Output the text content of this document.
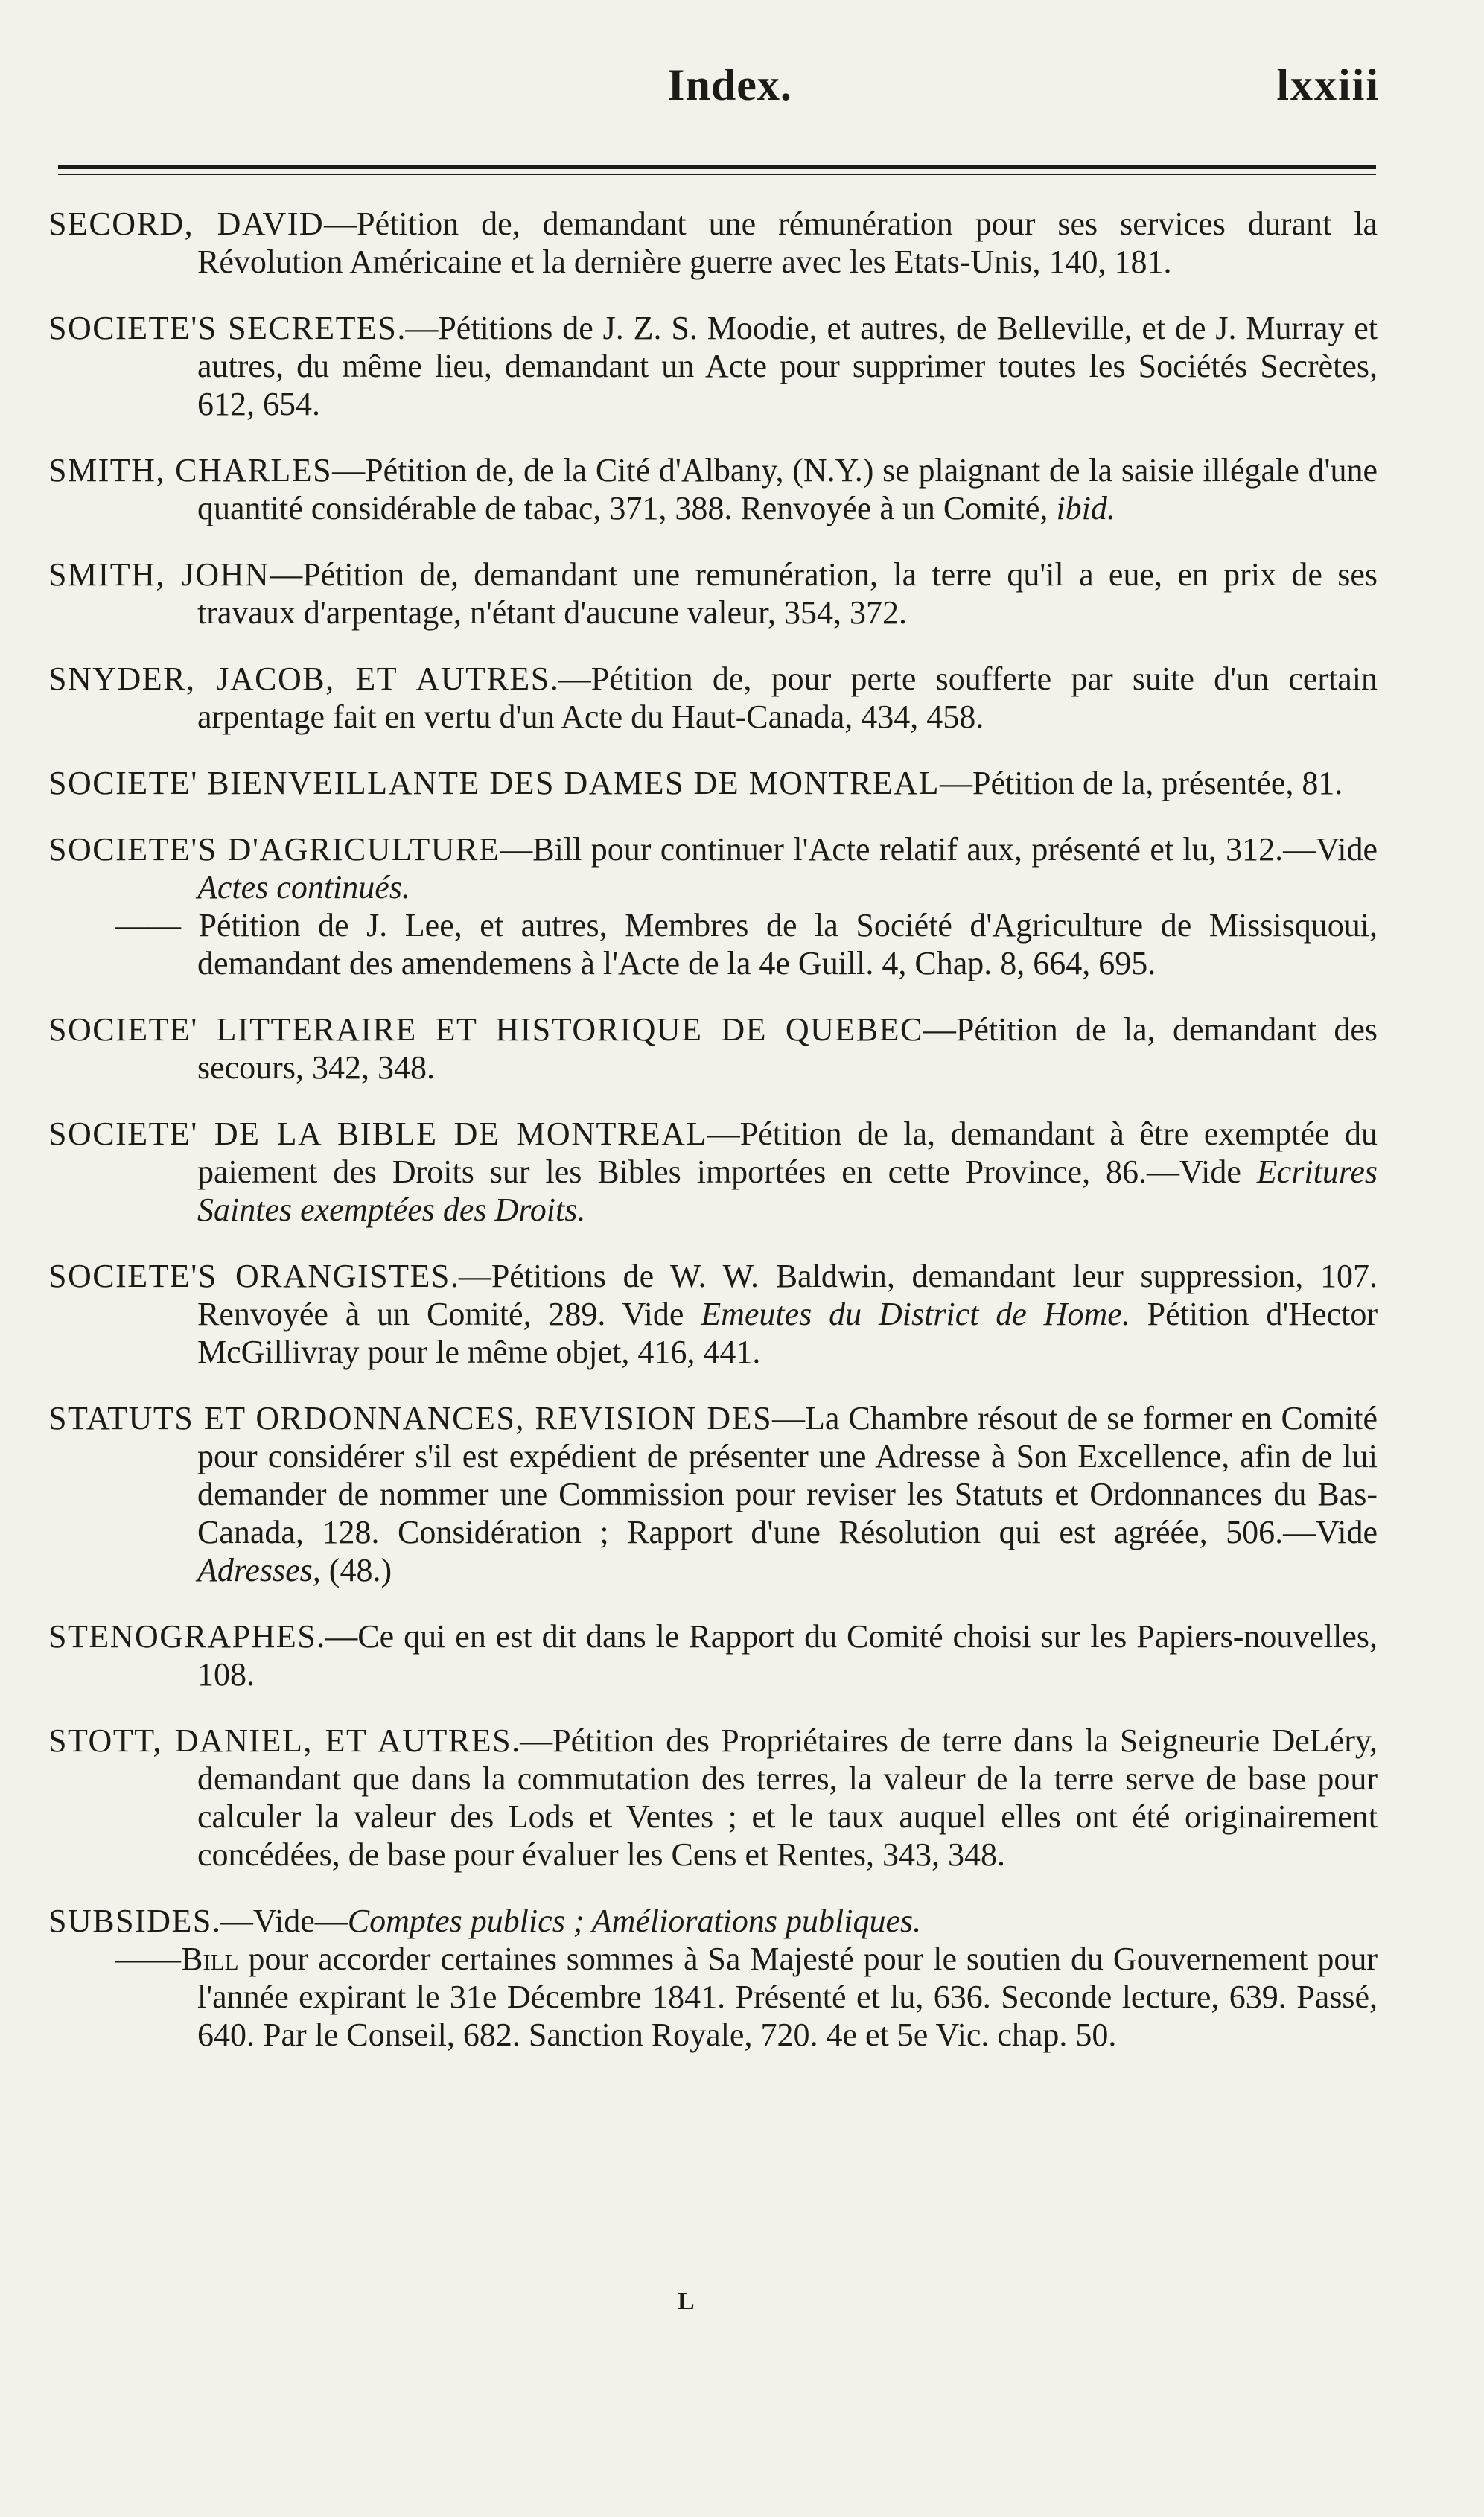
Index.	lxxiii
SECORD, DAVID—Pétition de, demandant une rémunération pour ses services durant la Révolution Américaine et la dernière guerre avec les Etats-Unis, 140, 181.
SOCIETE'S SECRETES.—Pétitions de J. Z. S. Moodie, et autres, de Belleville, et de J. Murray et autres, du même lieu, demandant un Acte pour supprimer toutes les Sociétés Secrètes, 612, 654.
SMITH, CHARLES—Pétition de, de la Cité d'Albany, (N.Y.) se plaignant de la saisie illégale d'une quantité considérable de tabac, 371, 388. Renvoyée à un Comité, ibid.
SMITH, JOHN—Pétition de, demandant une remunération, la terre qu'il a eue, en prix de ses travaux d'arpentage, n'étant d'aucune valeur, 354, 372.
SNYDER, JACOB, ET AUTRES.—Pétition de, pour perte soufferte par suite d'un certain arpentage fait en vertu d'un Acte du Haut-Canada, 434, 458.
SOCIETE' BIENVEILLANTE DES DAMES DE MONTREAL—Pétition de la, présentée, 81.
SOCIETE'S D'AGRICULTURE—Bill pour continuer l'Acte relatif aux, présenté et lu, 312.—Vide Actes continués.
—— Pétition de J. Lee, et autres, Membres de la Société d'Agriculture de Missisquoui, demandant des amendemens à l'Acte de la 4e Guill. 4, Chap. 8, 664, 695.
SOCIETE' LITTERAIRE ET HISTORIQUE DE QUEBEC—Pétition de la, demandant des secours, 342, 348.
SOCIETE' DE LA BIBLE DE MONTREAL—Pétition de la, demandant à être exemptée du paiement des Droits sur les Bibles importées en cette Province, 86.—Vide Ecritures Saintes exemptées des Droits.
SOCIETE'S ORANGISTES.—Pétitions de W. W. Baldwin, demandant leur suppression, 107. Renvoyée à un Comité, 289. Vide Emeutes du District de Home. Pétition d'Hector McGillivray pour le même objet, 416, 441.
STATUTS ET ORDONNANCES, REVISION DES—La Chambre résout de se former en Comité pour considérer s'il est expédient de présenter une Adresse à Son Excellence, afin de lui demander de nommer une Commission pour reviser les Statuts et Ordonnances du Bas-Canada, 128. Considération ; Rapport d'une Résolution qui est agréée, 506.—Vide Adresses, (48.)
STENOGRAPHES.—Ce qui en est dit dans le Rapport du Comité choisi sur les Papiers-nouvelles, 108.
STOTT, DANIEL, ET AUTRES.—Pétition des Propriétaires de terre dans la Seigneurie DeLéry, demandant que dans la commutation des terres, la valeur de la terre serve de base pour calculer la valeur des Lods et Ventes ; et le taux auquel elles ont été originairement concédées, de base pour évaluer les Cens et Rentes, 343, 348.
SUBSIDES.—Vide—Comptes publics ; Améliorations publiques.
——Bill pour accorder certaines sommes à Sa Majesté pour le soutien du Gouvernement pour l'année expirant le 31e Décembre 1841. Présenté et lu, 636. Seconde lecture, 639. Passé, 640. Par le Conseil, 682. Sanction Royale, 720. 4e et 5e Vic. chap. 50.
L
